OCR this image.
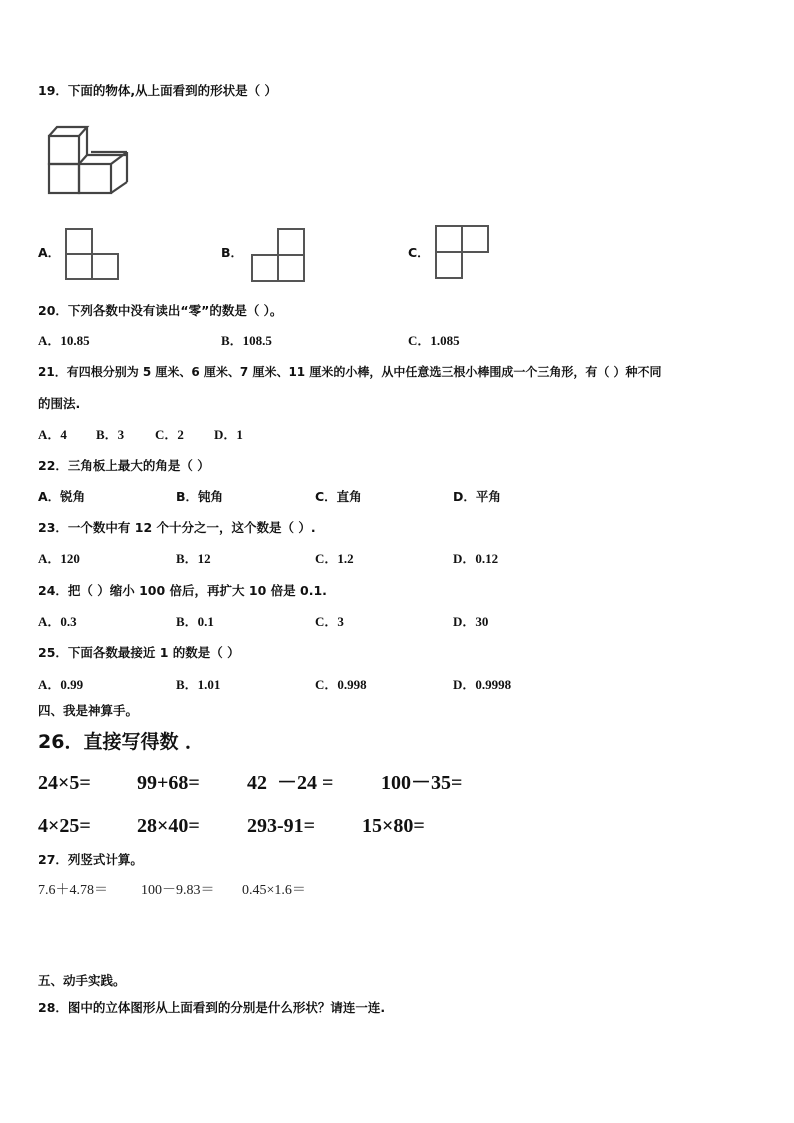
19．下面的物体,从上面看到的形状是（ ）
A．	B．	C．
20．下列各数中没有读出“零”的数是（ ）。
A．10.85	B．108.5	C．1.085
21．有四根分别为 5 厘米、6 厘米、7 厘米、11 厘米的小棒，从中任意选三根小棒围成一个三角形，有（ ）种不同
的围法.
A．4 B．3 C．2 D．1
22．三角板上最大的角是（ ）
A．锐角	B．钝角	C．直角	D．平角
23．一个数中有 12 个十分之一，这个数是（ ）.
A．120	B．12	C．1.2	D．0.12
24．把（ ）缩小 100 倍后，再扩大 10 倍是 0.1.
A．0.3	B．0.1	C．3	D．30
25．下面各数最接近 1 的数是（ ）
A．0.99	B．1.01	C．0.998	D．0.9998
四、我是神算手。
26．直接写得数 ．
24×5= 99+68= 42  －24 = 100－35=
4×25= 28×40= 293-91= 15×80=
27．列竖式计算。
7.6＋4.78＝ 100－9.83＝ 0.45×1.6＝
五、动手实践。
28．图中的立体图形从上面看到的分别是什么形状？请连一连.
